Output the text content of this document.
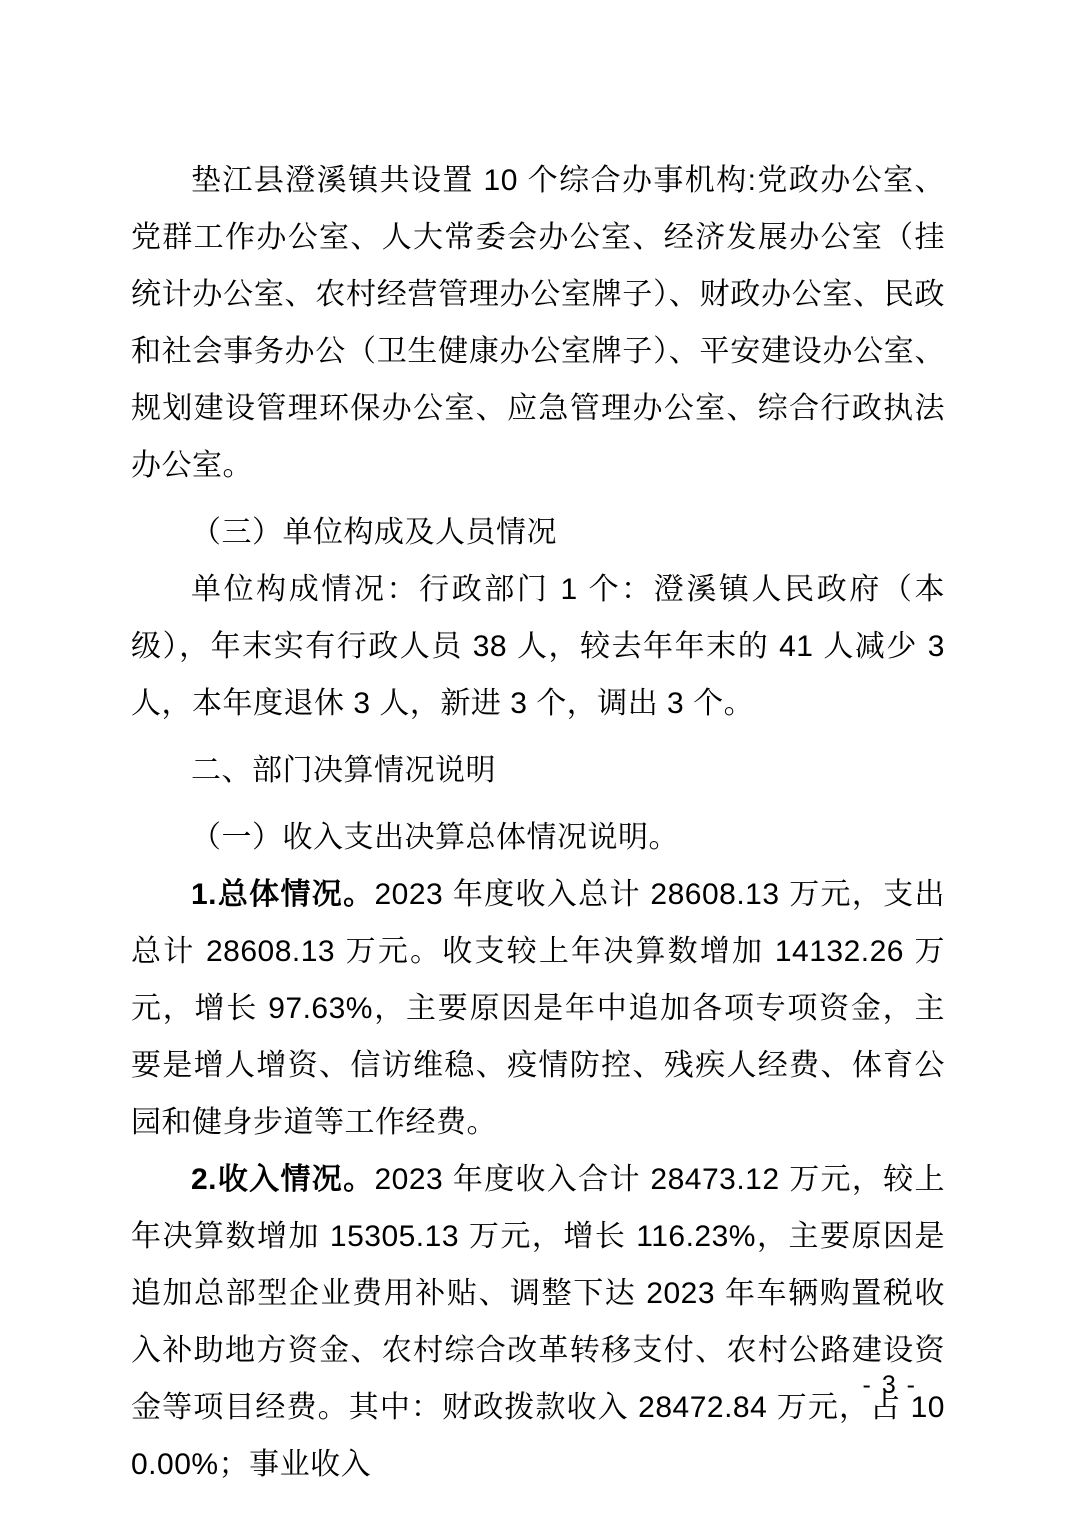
垫江县澄溪镇共设置 10 个综合办事机构:党政办公室、党群工作办公室、人大常委会办公室、经济发展办公室（挂统计办公室、农村经营管理办公室牌子）、财政办公室、民政和社会事务办公（卫生健康办公室牌子）、平安建设办公室、规划建设管理环保办公室、应急管理办公室、综合行政执法办公室。

（三）单位构成及人员情况

单位构成情况：行政部门 1 个：澄溪镇人民政府（本级），年末实有行政人员 38 人，较去年年末的 41 人减少 3 人，本年度退休 3 人，新进 3 个，调出 3 个。

二、部门决算情况说明

（一）收入支出决算总体情况说明。

1.总体情况。2023 年度收入总计 28608.13 万元，支出总计 28608.13 万元。收支较上年决算数增加 14132.26 万元，增长 97.63%，主要原因是年中追加各项专项资金，主要是增人增资、信访维稳、疫情防控、残疾人经费、体育公园和健身步道等工作经费。

2.收入情况。2023 年度收入合计 28473.12 万元，较上年决算数增加 15305.13 万元，增长 116.23%，主要原因是追加总部型企业费用补贴、调整下达 2023 年车辆购置税收入补助地方资金、农村综合改革转移支付、农村公路建设资金等项目经费。其中：财政拨款收入 28472.84 万元，占 100.00%；事业收入

- 3 -
